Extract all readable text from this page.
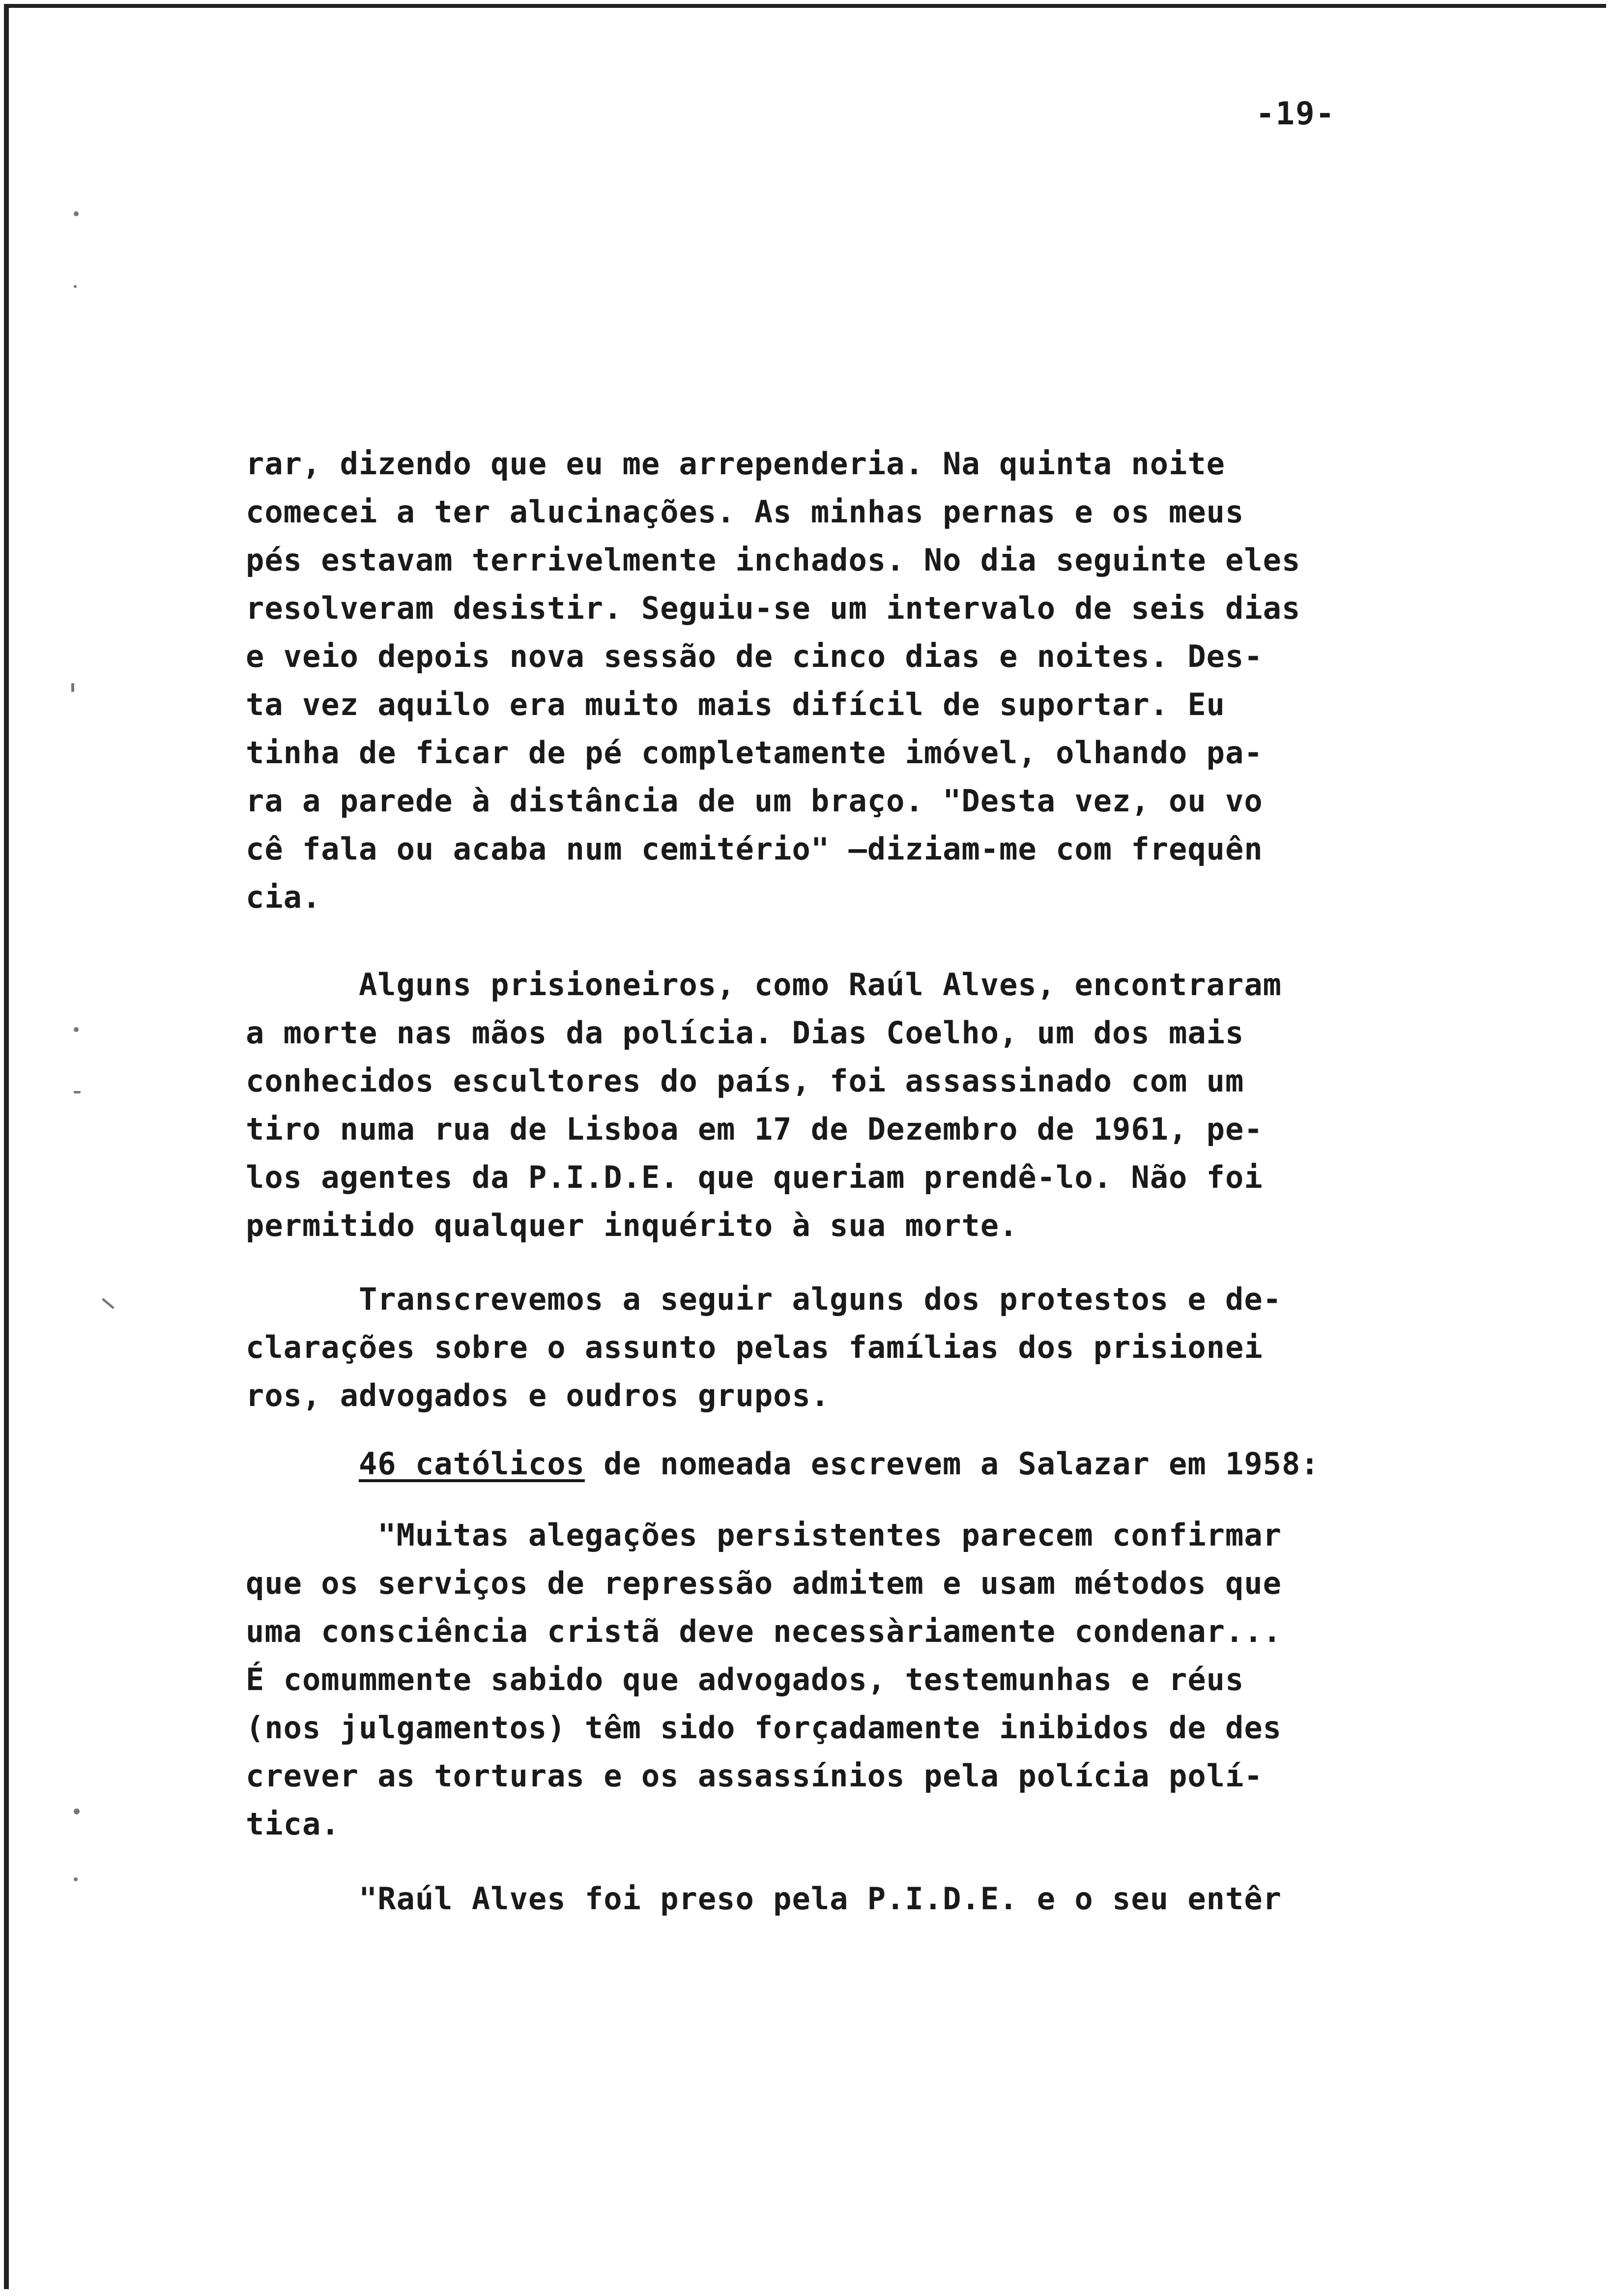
-19-
rar, dizendo que eu me arrependeria. Na quinta noite
comecei a ter alucinações. As minhas pernas e os meus
pés estavam terrivelmente inchados. No dia seguinte eles
resolveram desistir. Seguiu-se um intervalo de seis dias
e veio depois nova sessão de cinco dias e noites. Des-
ta vez aquilo era muito mais difícil de suportar. Eu
tinha de ficar de pé completamente imóvel, olhando pa-
ra a parede à distância de um braço. "Desta vez, ou vo
cê fala ou acaba num cemitério" —diziam-me com frequên
cia.
Alguns prisioneiros, como Raúl Alves, encontraram
a morte nas mãos da polícia. Dias Coelho, um dos mais
conhecidos escultores do país, foi assassinado com um
tiro numa rua de Lisboa em 17 de Dezembro de 1961, pe-
los agentes da P.I.D.E. que queriam prendê-lo. Não foi
permitido qualquer inquérito à sua morte.
Transcrevemos a seguir alguns dos protestos e de-
clarações sobre o assunto pelas famílias dos prisionei
ros, advogados e oudros grupos.
46 católicos de nomeada escrevem a Salazar em 1958:
"Muitas alegações persistentes parecem confirmar
que os serviços de repressão admitem e usam métodos que
uma consciência cristã deve necessàriamente condenar...
É comummente sabido que advogados, testemunhas e réus
(nos julgamentos) têm sido forçadamente inibidos de des
crever as torturas e os assassínios pela polícia polí-
tica.
"Raúl Alves foi preso pela P.I.D.E. e o seu entêr
